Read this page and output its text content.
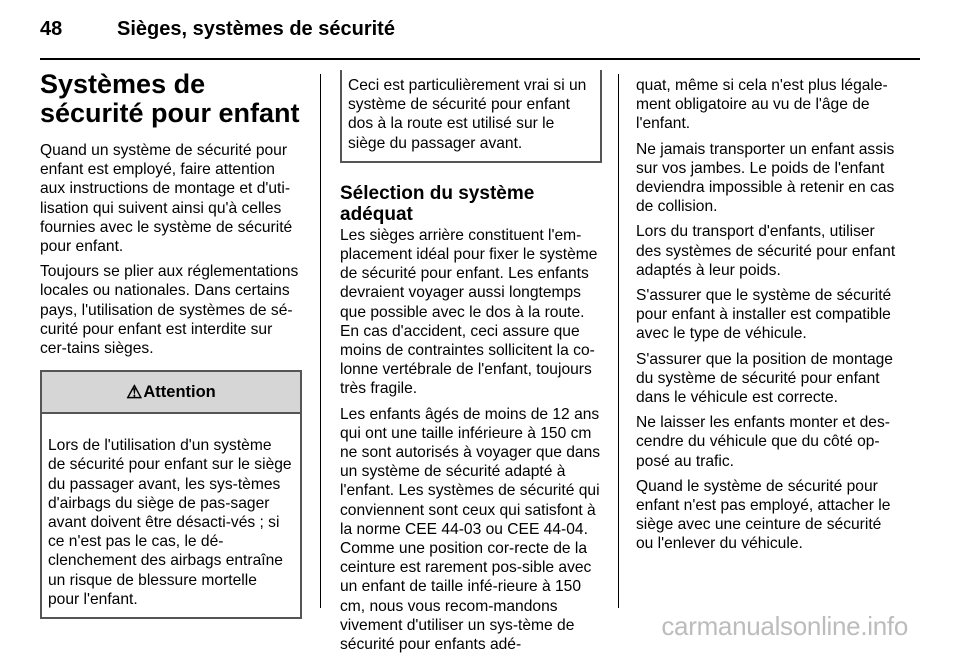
48	Sièges, systèmes de sécurité
Systèmes de sécurité pour enfant

Quand un système de sécurité pour enfant est employé, faire attention aux instructions de montage et d'uti-lisation qui suivent ainsi qu'à celles fournies avec le système de sécurité pour enfant.

Toujours se plier aux réglementations locales ou nationales. Dans certains pays, l'utilisation de systèmes de sé-curité pour enfant est interdite sur cer-tains sièges.

⚠ Attention
Lors de l'utilisation d'un système de sécurité pour enfant sur le siège du passager avant, les sys-tèmes d'airbags du siège de pas-sager avant doivent être désacti-vés ; si ce n'est pas le cas, le dé-clenchement des airbags entraîne un risque de blessure mortelle pour l'enfant.
Ceci est particulièrement vrai si un système de sécurité pour enfant dos à la route est utilisé sur le siège du passager avant.
Sélection du système adéquat

Les sièges arrière constituent l'em-placement idéal pour fixer le système de sécurité pour enfant. Les enfants devraient voyager aussi longtemps que possible avec le dos à la route. En cas d'accident, ceci assure que moins de contraintes sollicitent la co-lonne vertébrale de l'enfant, toujours très fragile.

Les enfants âgés de moins de 12 ans qui ont une taille inférieure à 150 cm ne sont autorisés à voyager que dans un système de sécurité adapté à l'enfant. Les systèmes de sécurité qui conviennent sont ceux qui satisfont à la norme CEE 44-03 ou CEE 44-04. Comme une position cor-recte de la ceinture est rarement pos-sible avec un enfant de taille infé-rieure à 150 cm, nous vous recom-mandons vivement d'utiliser un sys-tème de sécurité pour enfants adé-

quat, même si cela n'est plus légale-ment obligatoire au vu de l'âge de l'enfant.

Ne jamais transporter un enfant assis sur vos jambes. Le poids de l'enfant deviendra impossible à retenir en cas de collision.

Lors du transport d'enfants, utiliser des systèmes de sécurité pour enfant adaptés à leur poids.

S'assurer que le système de sécurité pour enfant à installer est compatible avec le type de véhicule.

S'assurer que la position de montage du système de sécurité pour enfant dans le véhicule est correcte.

Ne laisser les enfants monter et des-cendre du véhicule que du côté op-posé au trafic.

Quand le système de sécurité pour enfant n'est pas employé, attacher le siège avec une ceinture de sécurité ou l'enlever du véhicule.

carmanualsonline.info
